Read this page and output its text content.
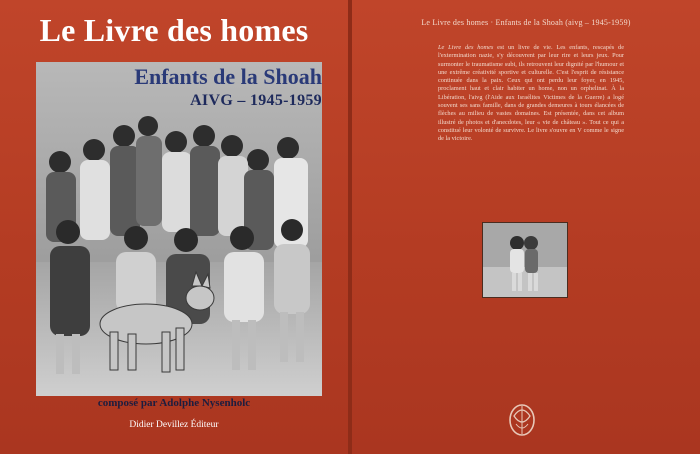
Le Livre des homes
Enfants de la Shoah
AIVG – 1945-1959
composé par Adolphe Nysenholc
Didier Devillez Éditeur
Le Livre des homes · Enfants de la Shoah (aivg – 1945-1959)
Le Livre des homes est un livre de vie. Les enfants, rescapés de l'extermination nazie, s'y découvrent par leur rire et leurs jeux. Pour surmonter le traumatisme subi, ils retrouvent leur dignité par l'humour et une extrême créativité sportive et culturelle. C'est l'esprit de résistance continuée dans la paix. Ceux qui ont perdu leur foyer, en 1945, proclament haut et clair habiter un home, non un orphelinat. À la Libération, l'aivg (l'Aide aux Israélites Victimes de la Guerre) a logé souvent ses sans famille, dans de grandes demeures à tours élancées de flèches au milieu de vastes domaines. Est présentée, dans cet album illustré de photos et d'anecdotes, leur « vie de château ». Tout ce qui a constitué leur volonté de survivre. Le livre s'ouvre en V comme le signe de la victoire.
